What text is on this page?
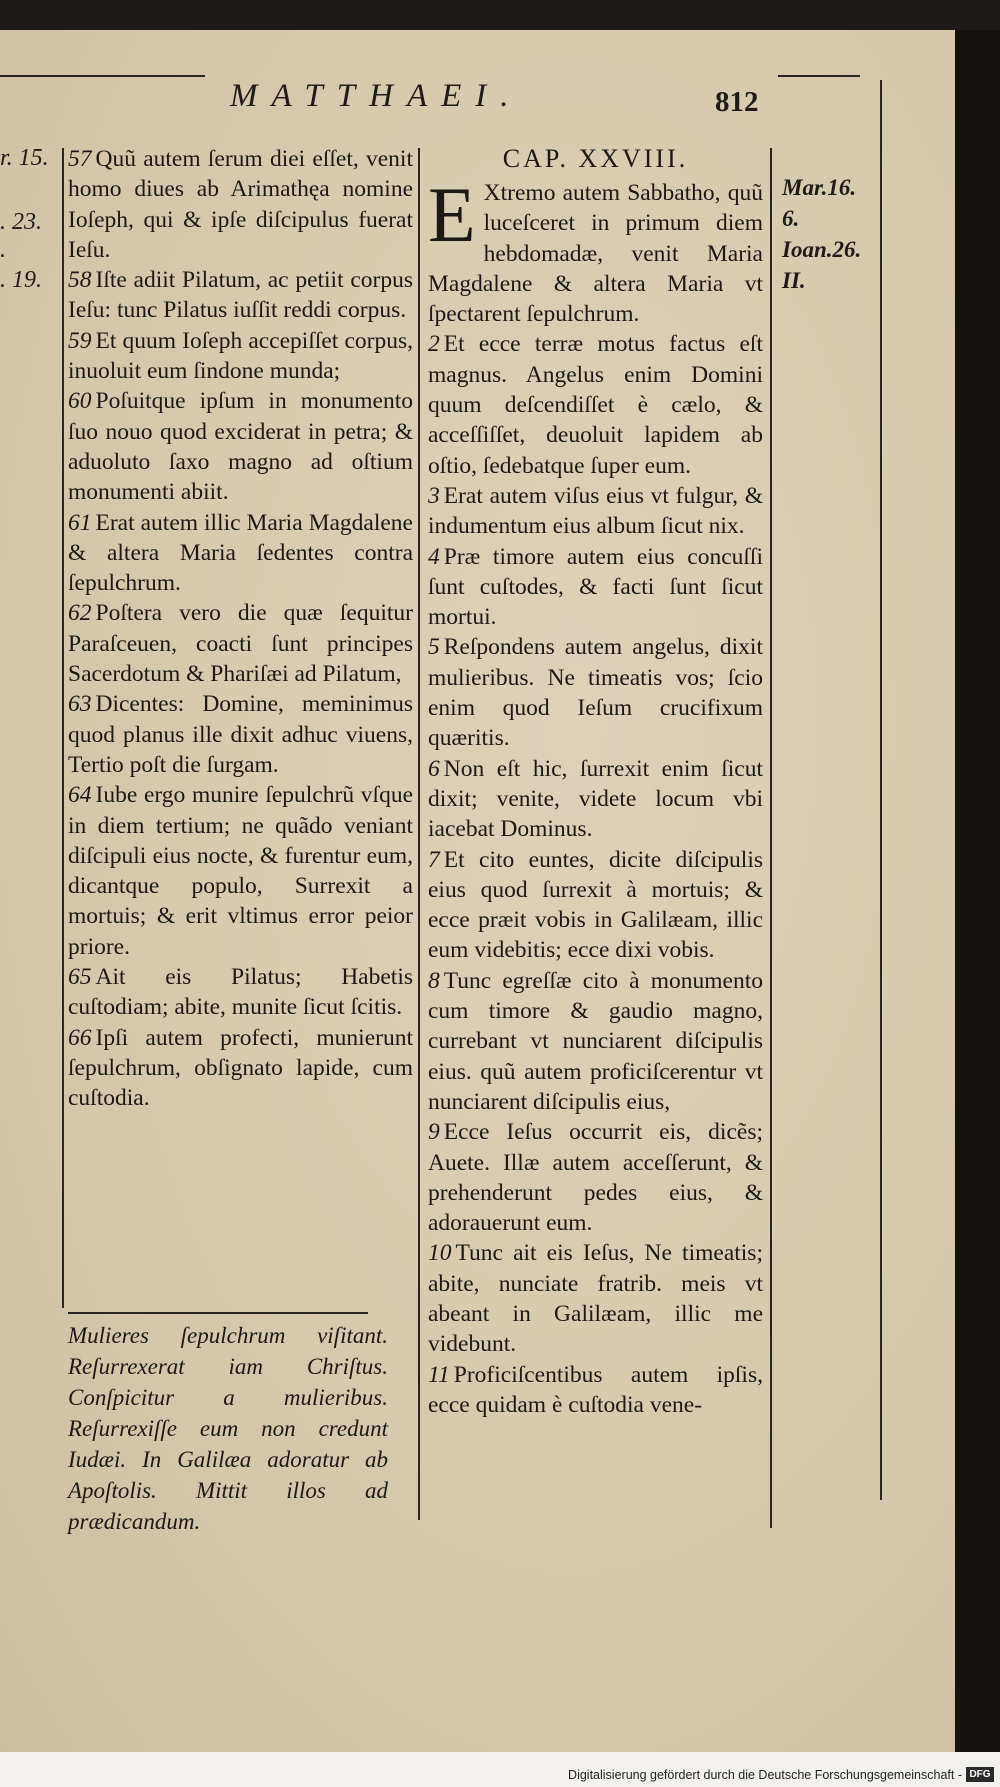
MATTHAEI.	812
r. 15.
. 23.
.
. 19.

57 Quũ autem ſerum diei eſſet, venit homo diues ab Arimathęa nomine Ioſeph, qui & ipſe diſcipulus fuerat Ieſu.

58 Iſte adiit Pilatum, ac petiit corpus Ieſu: tunc Pilatus iuſſit reddi corpus.

59 Et quum Ioſeph accepiſſet corpus, inuoluit eum ſindone munda;

60 Poſuitque ipſum in monumento ſuo nouo quod exciderat in petra; & aduoluto ſaxo magno ad oſtium monumenti abiit.

61 Erat autem illic Maria Magdalene & altera Maria ſedentes contra ſepulchrum.

62 Poſtera vero die quæ ſequitur Paraſceuen, coacti ſunt principes Sacerdotum & Phariſæi ad Pilatum,

63 Dicentes: Domine, meminimus quod planus ille dixit adhuc viuens, Tertio poſt die ſurgam.

64 Iube ergo munire ſepulchrũ vſque in diem tertium; ne quãdo veniant diſcipuli eius nocte, & furentur eum, dicantque populo, Surrexit a mortuis; & erit vltimus error peior priore.

65 Ait eis Pilatus; Habetis cuſtodiam; abite, munite ſicut ſcitis.

66 Ipſi autem profecti, munierunt ſepulchrum, obſignato lapide, cum cuſtodia.

Mulieres ſepulchrum viſitant. Reſurrexerat iam Chriſtus. Conſpicitur a mulieribus. Reſurrexiſſe eum non credunt Iudæi. In Galilæa adoratur ab Apoſtolis. Mittit illos ad prædicandum.
CAP. XXVIII.

E Xtremo autem Sabbatho, quũ luceſceret in primum diem hebdomadæ, venit Maria Magdalene & altera Maria vt ſpectarent ſepulchrum.

2 Et ecce terræ motus factus eſt magnus. Angelus enim Domini quum deſcendiſſet è cælo, & acceſſiſſet, deuoluit lapidem ab oſtio, ſedebatque ſuper eum.

3 Erat autem viſus eius vt fulgur, & indumentum eius album ſicut nix.

4 Præ timore autem eius concuſſi ſunt cuſtodes, & facti ſunt ſicut mortui.

5 Reſpondens autem angelus, dixit mulieribus. Ne timeatis vos; ſcio enim quod Ieſum crucifixum quæritis.

6 Non eſt hic, ſurrexit enim ſicut dixit; venite, videte locum vbi iacebat Dominus.

7 Et cito euntes, dicite diſcipulis eius quod ſurrexit à mortuis; & ecce præit vobis in Galilæam, illic eum videbitis; ecce dixi vobis.

8 Tunc egreſſæ cito à monumento cum timore & gaudio magno, currebant vt nunciarent diſcipulis eius. quũ autem proficiſcerentur vt nunciarent diſcipulis eius,

9 Ecce Ieſus occurrit eis, dicẽs; Auete. Illæ autem acceſſerunt, & prehenderunt pedes eius, & adorauerunt eum.

10 Tunc ait eis Ieſus, Ne timeatis; abite, nunciate fratrib. meis vt abeant in Galilæam, illic me videbunt.

11 Proficiſcentibus autem ipſis, ecce quidam è cuſtodia vene-

Mar.16.
6.
Ioan.26.
II.
Digitalisierung gefördert durch die Deutsche Forschungsgemeinschaft - DFG
